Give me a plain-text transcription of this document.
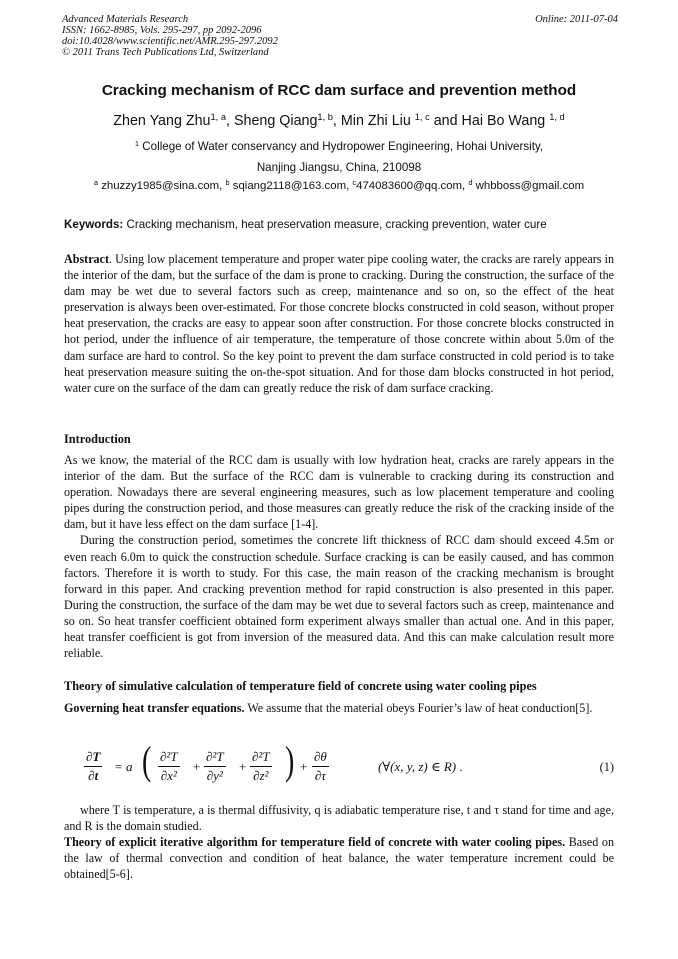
Advanced Materials Research
ISSN: 1662-8985, Vols. 295-297, pp 2092-2096
doi:10.4028/www.scientific.net/AMR.295-297.2092
© 2011 Trans Tech Publications Ltd, Switzerland
Online: 2011-07-04
Cracking mechanism of RCC dam surface and prevention method
Zhen Yang Zhu$^{1, a}$, Sheng Qiang$^{1, b}$, Min Zhi Liu $^{1, c}$ and Hai Bo Wang $^{1, d}$
$^1$ College of Water conservancy and Hydropower Engineering, Hohai University,
Nanjing Jiangsu, China, 210098
$^a$ zhuzzy1985@sina.com, $^b$ sqiang2118@163.com, $^c$474083600@qq.com, $^d$ whbboss@gmail.com
Keywords: Cracking mechanism, heat preservation measure, cracking prevention, water cure

Abstract. Using low placement temperature and proper water pipe cooling water, the cracks are rarely appears in the interior of the dam, but the surface of the dam is prone to cracking. During the construction, the surface of the dam may be wet due to several factors such as creep, maintenance and so on, so the effect of the heat preservation is always been over-estimated. For those concrete blocks constructed in cold season, without proper heat preservation, the cracks are easy to appear soon after construction. For those concrete blocks constructed in hot period, under the influence of air temperature, the temperature of those concrete within about 5.0m of the dam surface are hard to control. So the key point to prevent the dam surface constructed in cold period is to take heat preservation measure suiting the on-the-spot situation. And for those dam blocks constructed in hot period, water cure on the surface of the dam can greatly reduce the risk of dam surface cracking.

Introduction

As we know, the material of the RCC dam is usually with low hydration heat, cracks are rarely appears in the interior of the dam. But the surface of the RCC dam is vulnerable to cracking during its construction and operation. Nowadays there are several engineering measures, such as low placement temperature and cooling pipes during the construction period, and those measures can greatly reduce the risk of the cracking inside of the dam, but it have less effect on the dam surface [1-4].

During the construction period, sometimes the concrete lift thickness of RCC dam should exceed 4.5m or even reach 6.0m to quick the construction schedule. Surface cracking is can be easily caused, and has common factors. Therefore it is worth to study. For this case, the main reason of the cracking mechanism is brought forward in this paper. And cracking prevention method for rapid construction is also presented in this paper. During the construction, the surface of the dam may be wet due to several factors such as creep, maintenance and so on. So heat transfer coefficient obtained form experiment always smaller than actual one. And in this paper, heat transfer coefficient is got from inversion of the measured data. And this can make calculation result more reliable.

Theory of simulative calculation of temperature field of concrete using water cooling pipes

Governing heat transfer equations. We assume that the material obeys Fourier’s law of heat conduction[5].

$\frac{\partial T}{\partial t} = a$ ( $\frac{\text{∂²T}}{\text{∂x²}} + \frac{\text{∂²T}}{\text{∂y²}} + \frac{\text{∂²T}}{\text{∂z²}}$ ) + $\frac{\partial\theta}{\partial\tau}$	(∀(x, y, z) ∈ R) .	(1)

where T is temperature, a is thermal diffusivity, q is adiabatic temperature rise, t and τ stand for time and age, and R is the domain studied.

Theory of explicit iterative algorithm for temperature field of concrete with water cooling pipes. Based on the law of thermal convection and condition of heat balance, the water temperature increment could be obtained[5-6].
